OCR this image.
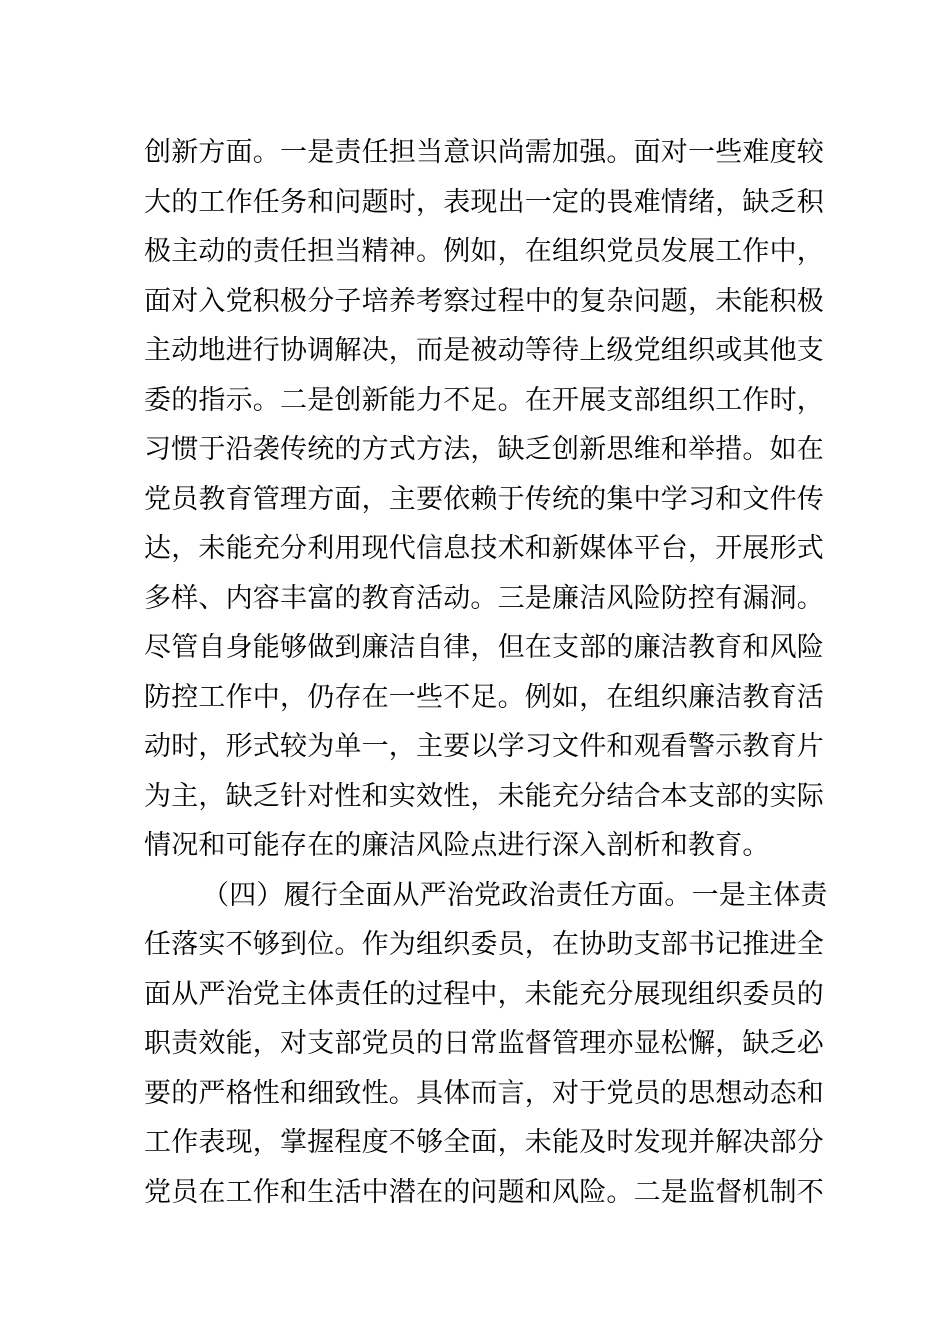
创新方面。一是责任担当意识尚需加强。面对一些难度较
大的工作任务和问题时，表现出一定的畏难情绪，缺乏积
极主动的责任担当精神。例如，在组织党员发展工作中，
面对入党积极分子培养考察过程中的复杂问题，未能积极
主动地进行协调解决，而是被动等待上级党组织或其他支
委的指示。二是创新能力不足。在开展支部组织工作时，
习惯于沿袭传统的方式方法，缺乏创新思维和举措。如在
党员教育管理方面，主要依赖于传统的集中学习和文件传
达，未能充分利用现代信息技术和新媒体平台，开展形式
多样、内容丰富的教育活动。三是廉洁风险防控有漏洞。
尽管自身能够做到廉洁自律，但在支部的廉洁教育和风险
防控工作中，仍存在一些不足。例如，在组织廉洁教育活
动时，形式较为单一，主要以学习文件和观看警示教育片
为主，缺乏针对性和实效性，未能充分结合本支部的实际
情况和可能存在的廉洁风险点进行深入剖析和教育。
（四）履行全面从严治党政治责任方面。一是主体责
任落实不够到位。作为组织委员，在协助支部书记推进全
面从严治党主体责任的过程中，未能充分展现组织委员的
职责效能，对支部党员的日常监督管理亦显松懈，缺乏必
要的严格性和细致性。具体而言，对于党员的思想动态和
工作表现，掌握程度不够全面，未能及时发现并解决部分
党员在工作和生活中潜在的问题和风险。二是监督机制不
